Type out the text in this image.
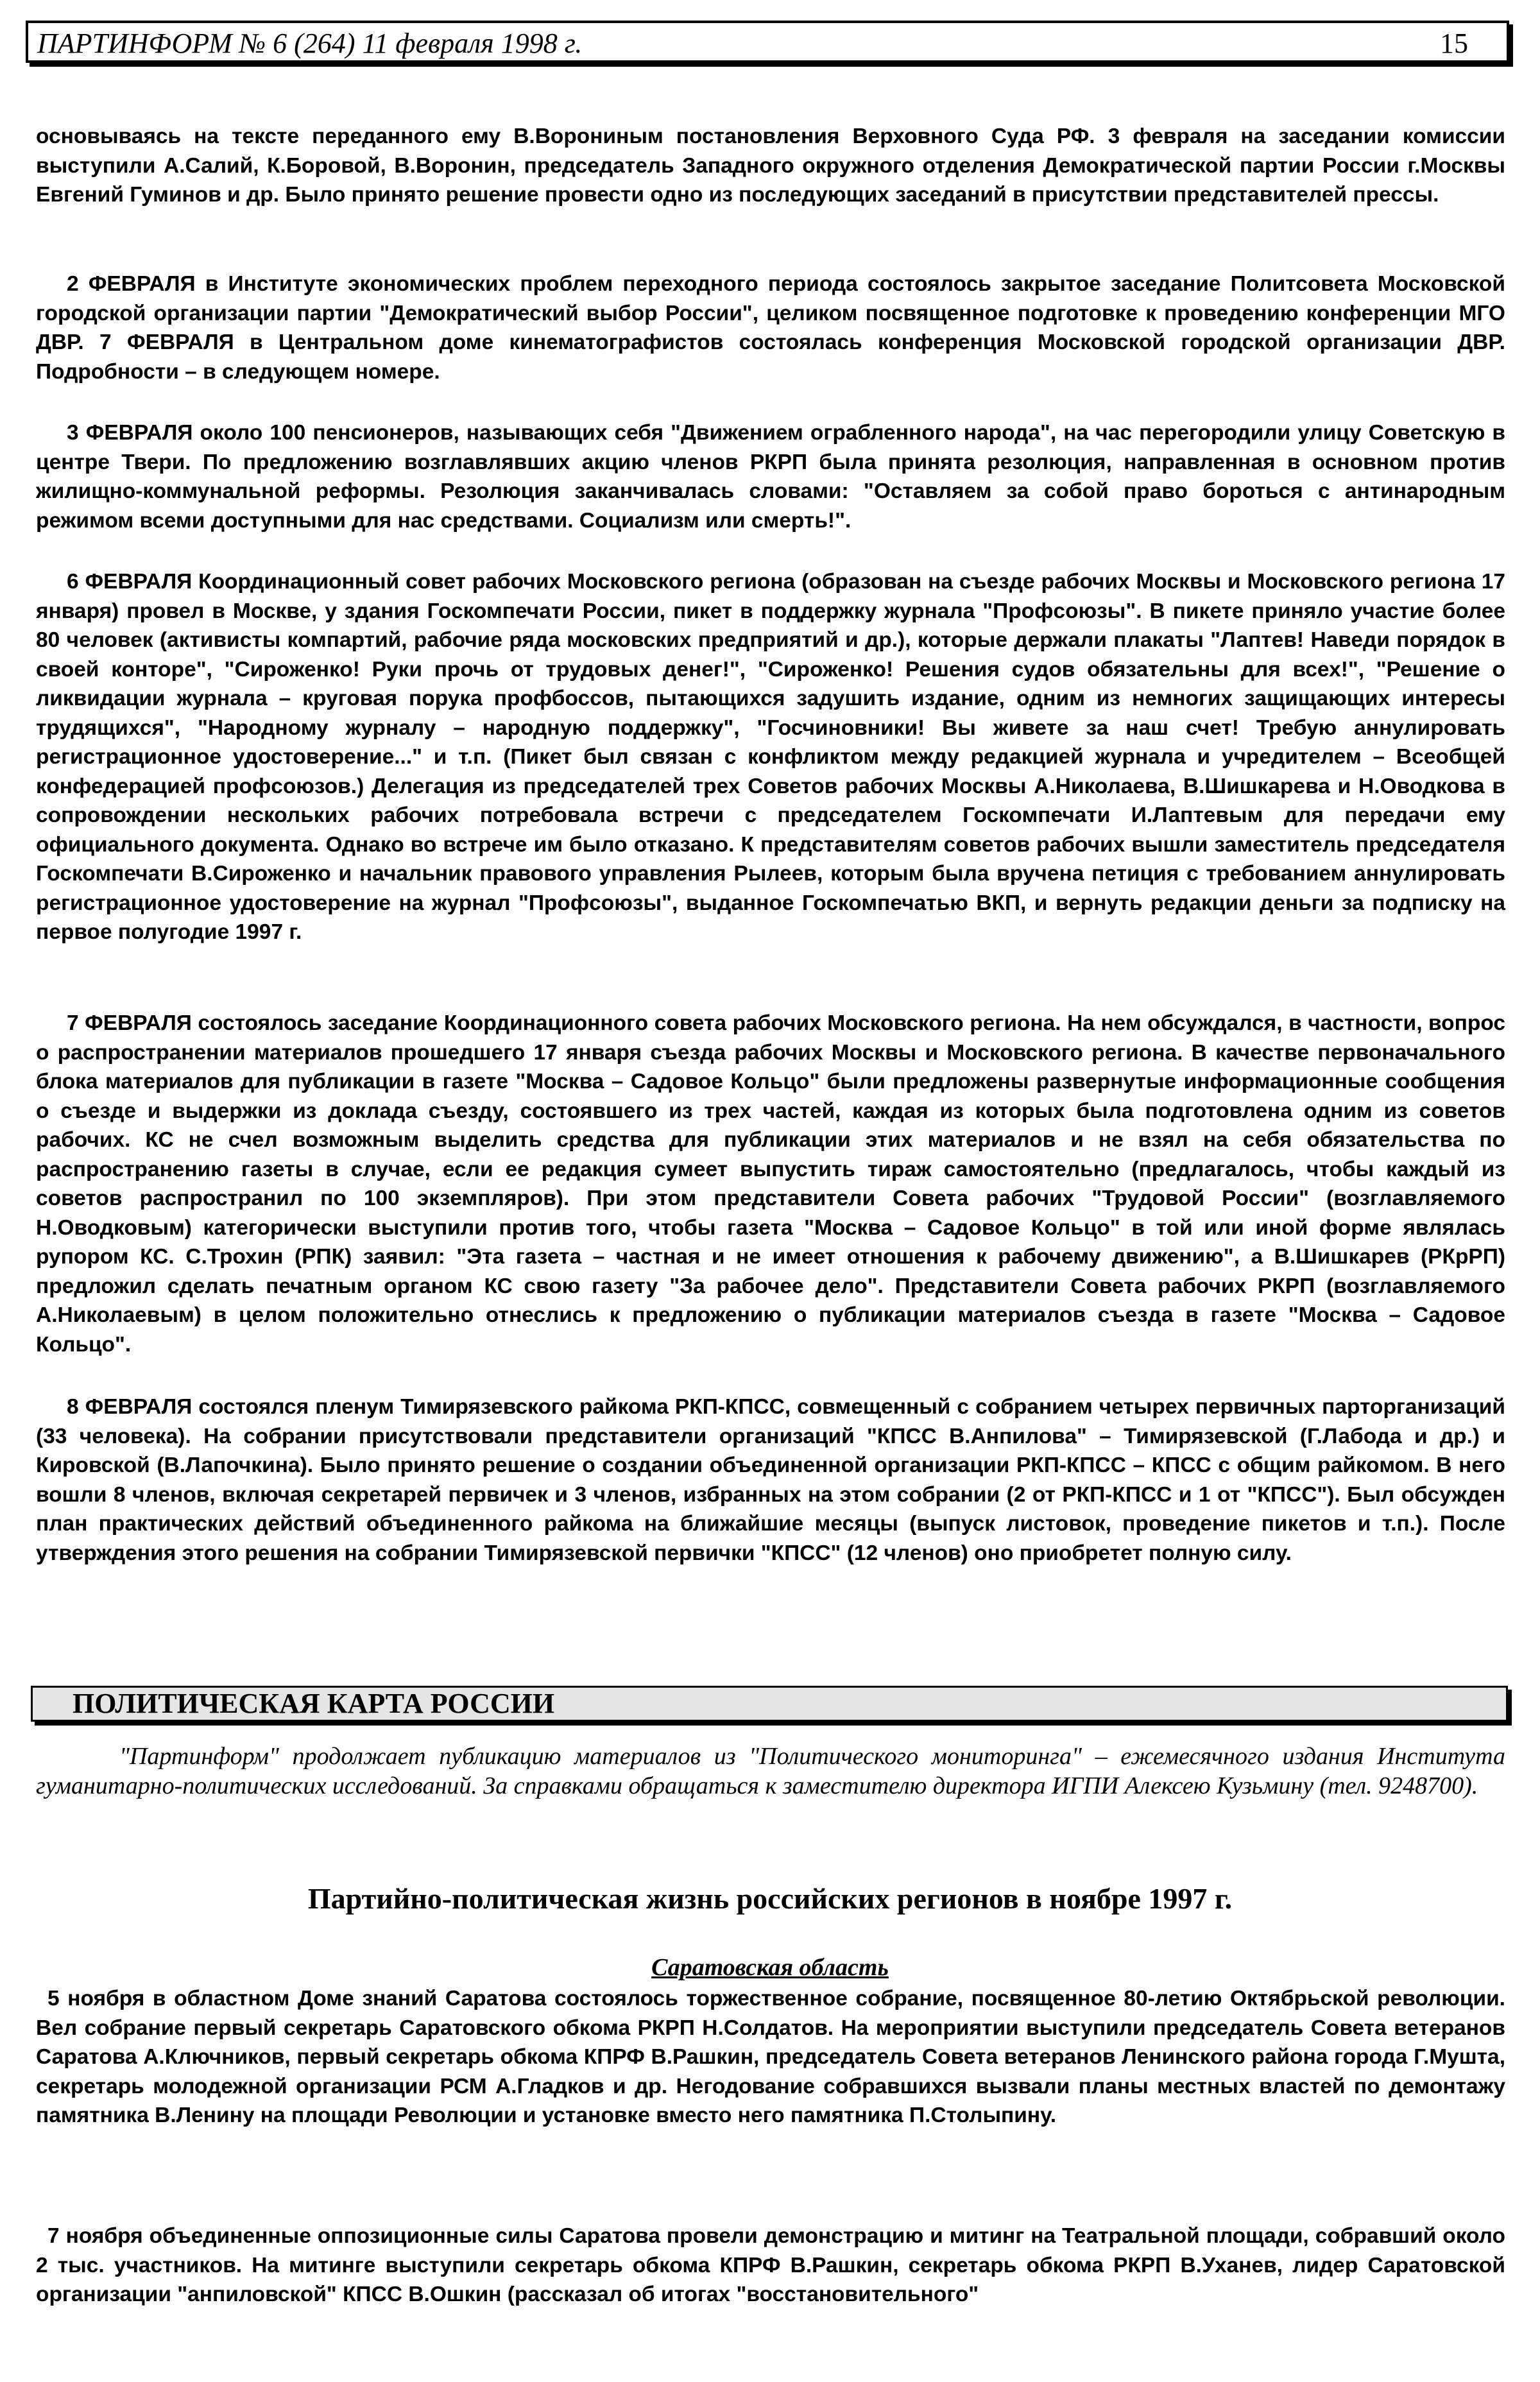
ПАРТИНФОРМ № 6 (264) 11 февраля 1998 г.	15

основываясь на тексте переданного ему В.Ворониным постановления Верховного Суда РФ. 3 февраля на заседании комиссии выступили А.Салий, К.Боровой, В.Воронин, председатель Западного окружного отделения Демократической партии России г.Москвы Евгений Гуминов и др. Было принято решение провести одно из последующих заседаний в присутствии представителей прессы.

2 ФЕВРАЛЯ в Институте экономических проблем переходного периода состоялось закрытое заседание Политсовета Московской городской организации партии "Демократический выбор России", целиком посвященное подготовке к проведению конференции МГО ДВР. 7 ФЕВРАЛЯ в Центральном доме кинематографистов состоялась конференция Московской городской организации ДВР. Подробности – в следующем номере.

3 ФЕВРАЛЯ около 100 пенсионеров, называющих себя "Движением ограбленного народа", на час перегородили улицу Советскую в центре Твери. По предложению возглавлявших акцию членов РКРП была принята резолюция, направленная в основном против жилищно-коммунальной реформы. Резолюция заканчивалась словами: "Оставляем за собой право бороться с антинародным режимом всеми доступными для нас средствами. Социализм или смерть!".

6 ФЕВРАЛЯ Координационный совет рабочих Московского региона (образован на съезде рабочих Москвы и Московского региона 17 января) провел в Москве, у здания Госкомпечати России, пикет в поддержку журнала "Профсоюзы". В пикете приняло участие более 80 человек (активисты компартий, рабочие ряда московских предприятий и др.), которые держали плакаты "Лаптев! Наведи порядок в своей конторе", "Сироженко! Руки прочь от трудовых денег!", "Сироженко! Решения судов обязательны для всех!", "Решение о ликвидации журнала – круговая порука профбоссов, пытающихся задушить издание, одним из немногих защищающих интересы трудящихся", "Народному журналу – народную поддержку", "Госчиновники! Вы живете за наш счет! Требую аннулировать регистрационное удостоверение..." и т.п. (Пикет был связан с конфликтом между редакцией журнала и учредителем – Всеобщей конфедерацией профсоюзов.) Делегация из председателей трех Советов рабочих Москвы А.Николаева, В.Шишкарева и Н.Оводкова в сопровождении нескольких рабочих потребовала встречи с председателем Госкомпечати И.Лаптевым для передачи ему официального документа. Однако во встрече им было отказано. К представителям советов рабочих вышли заместитель председателя Госкомпечати В.Сироженко и начальник правового управления Рылеев, которым была вручена петиция с требованием аннулировать регистрационное удостоверение на журнал "Профсоюзы", выданное Госкомпечатью ВКП, и вернуть редакции деньги за подписку на первое полугодие 1997 г.

7 ФЕВРАЛЯ состоялось заседание Координационного совета рабочих Московского региона. На нем обсуждался, в частности, вопрос о распространении материалов прошедшего 17 января съезда рабочих Москвы и Московского региона. В качестве первоначального блока материалов для публикации в газете "Москва – Садовое Кольцо" были предложены развернутые информационные сообщения о съезде и выдержки из доклада съезду, состоявшего из трех частей, каждая из которых была подготовлена одним из советов рабочих. КС не счел возможным выделить средства для публикации этих материалов и не взял на себя обязательства по распространению газеты в случае, если ее редакция сумеет выпустить тираж самостоятельно (предлагалось, чтобы каждый из советов распространил по 100 экземпляров). При этом представители Совета рабочих "Трудовой России" (возглавляемого Н.Оводковым) категорически выступили против того, чтобы газета "Москва – Садовое Кольцо" в той или иной форме являлась рупором КС. С.Трохин (РПК) заявил: "Эта газета – частная и не имеет отношения к рабочему движению", а В.Шишкарев (РКрРП) предложил сделать печатным органом КС свою газету "За рабочее дело". Представители Совета рабочих РКРП (возглавляемого А.Николаевым) в целом положительно отнеслись к предложению о публикации материалов съезда в газете "Москва – Садовое Кольцо".

8 ФЕВРАЛЯ состоялся пленум Тимирязевского райкома РКП-КПСС, совмещенный с собранием четырех первичных парторганизаций (33 человека). На собрании присутствовали представители организаций "КПСС В.Анпилова" – Тимирязевской (Г.Лабода и др.) и Кировской (В.Лапочкина). Было принято решение о создании объединенной организации РКП-КПСС – КПСС с общим райкомом. В него вошли 8 членов, включая секретарей первичек и 3 членов, избранных на этом собрании (2 от РКП-КПСС и 1 от "КПСС"). Был обсужден план практических действий объединенного райкома на ближайшие месяцы (выпуск листовок, проведение пикетов и т.п.). После утверждения этого решения на собрании Тимирязевской первички "КПСС" (12 членов) оно приобретет полную силу.

ПОЛИТИЧЕСКАЯ КАРТА РОССИИ

"Партинформ" продолжает публикацию материалов из "Политического мониторинга" – ежемесячного издания Института гуманитарно-политических исследований. За справками обращаться к заместителю директора ИГПИ Алексею Кузьмину (тел. 9248700).

Партийно-политическая жизнь российских регионов в ноябре 1997 г.
Саратовская область

5 ноября в областном Доме знаний Саратова состоялось торжественное собрание, посвященное 80-летию Октябрьской революции. Вел собрание первый секретарь Саратовского обкома РКРП Н.Солдатов. На мероприятии выступили председатель Совета ветеранов Саратова А.Ключников, первый секретарь обкома КПРФ В.Рашкин, председатель Совета ветеранов Ленинского района города Г.Мушта, секретарь молодежной организации РСМ А.Гладков и др. Негодование собравшихся вызвали планы местных властей по демонтажу памятника В.Ленину на площади Революции и установке вместо него памятника П.Столыпину.

7 ноября объединенные оппозиционные силы Саратова провели демонстрацию и митинг на Театральной площади, собравший около 2 тыс. участников. На митинге выступили секретарь обкома КПРФ В.Рашкин, секретарь обкома РКРП В.Уханев, лидер Саратовской организации "анпиловской" КПСС В.Ошкин (рассказал об итогах "восстановительного"
